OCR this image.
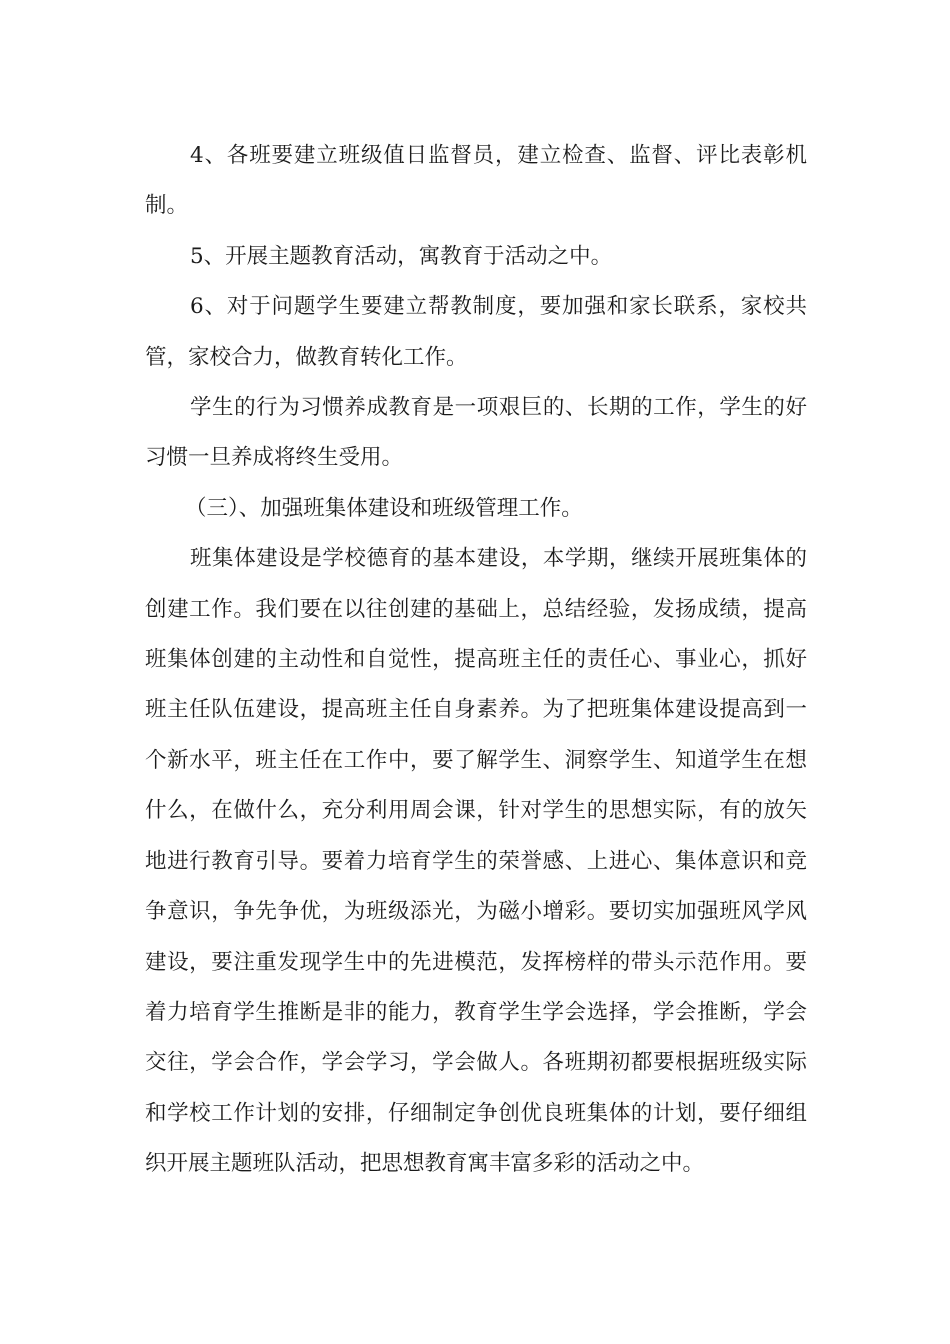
4、各班要建立班级值日监督员，建立检查、监督、评比表彰机制。

5、开展主题教育活动，寓教育于活动之中。

6、对于问题学生要建立帮教制度，要加强和家长联系，家校共管，家校合力，做教育转化工作。

学生的行为习惯养成教育是一项艰巨的、长期的工作，学生的好习惯一旦养成将终生受用。

（三）、加强班集体建设和班级管理工作。

班集体建设是学校德育的基本建设，本学期，继续开展班集体的创建工作。我们要在以往创建的基础上，总结经验，发扬成绩，提高班集体创建的主动性和自觉性，提高班主任的责任心、事业心，抓好班主任队伍建设，提高班主任自身素养。为了把班集体建设提高到一个新水平，班主任在工作中，要了解学生、洞察学生、知道学生在想什么，在做什么，充分利用周会课，针对学生的思想实际，有的放矢地进行教育引导。要着力培育学生的荣誉感、上进心、集体意识和竞争意识，争先争优，为班级添光，为磁小增彩。要切实加强班风学风建设，要注重发现学生中的先进模范，发挥榜样的带头示范作用。要着力培育学生推断是非的能力，教育学生学会选择，学会推断，学会交往，学会合作，学会学习，学会做人。各班期初都要根据班级实际和学校工作计划的安排，仔细制定争创优良班集体的计划，要仔细组织开展主题班队活动，把思想教育寓丰富多彩的活动之中。
